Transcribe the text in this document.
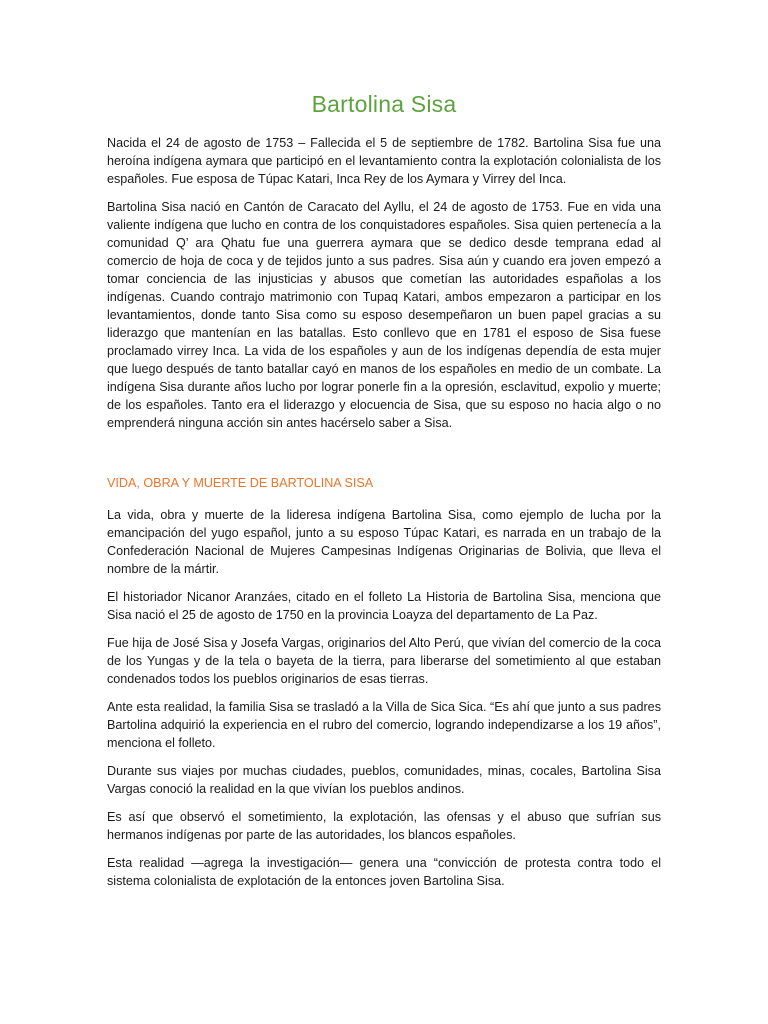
Bartolina Sisa

Nacida el 24 de agosto de 1753 – Fallecida el 5 de septiembre de 1782. Bartolina Sisa fue una heroína indígena aymara que participó en el levantamiento contra la explotación colonialista de los españoles. Fue esposa de Túpac Katari, Inca Rey de los Aymara y Virrey del Inca.

Bartolina Sisa nació en Cantón de Caracato del Ayllu, el 24 de agosto de 1753. Fue en vida una valiente indígena que lucho en contra de los conquistadores españoles. Sisa quien pertenecía a la comunidad Q’ ara Qhatu fue una guerrera aymara que se dedico desde temprana edad al comercio de hoja de coca y de tejidos junto a sus padres. Sisa aún y cuando era joven empezó a tomar conciencia de las injusticias y abusos que cometían las autoridades españolas a los indígenas. Cuando contrajo matrimonio con Tupaq Katari, ambos empezaron a participar en los levantamientos, donde tanto Sisa como su esposo desempeñaron un buen papel gracias a su liderazgo que mantenían en las batallas. Esto conllevo que en 1781 el esposo de Sisa fuese proclamado virrey Inca. La vida de los españoles y aun de los indígenas dependía de esta mujer que luego después de tanto batallar cayó en manos de los españoles en medio de un combate. La indígena Sisa durante años lucho por lograr ponerle fin a la opresión, esclavitud, expolio y muerte; de los españoles. Tanto era el liderazgo y elocuencia de Sisa, que su esposo no hacia algo o no emprenderá ninguna acción sin antes hacérselo saber a Sisa.

VIDA, OBRA Y MUERTE DE BARTOLINA SISA

La vida, obra y muerte de la lideresa indígena Bartolina Sisa, como ejemplo de lucha por la emancipación del yugo español, junto a su esposo Túpac Katari, es narrada en un trabajo de la Confederación Nacional de Mujeres Campesinas Indígenas Originarias de Bolivia, que lleva el nombre de la mártir.

El historiador Nicanor Aranzáes, citado en el folleto La Historia de Bartolina Sisa, menciona que Sisa nació el 25 de agosto de 1750 en la provincia Loayza del departamento de La Paz.

Fue hija de José Sisa y Josefa Vargas, originarios del Alto Perú, que vivían del comercio de la coca de los Yungas y de la tela o bayeta de la tierra, para liberarse del sometimiento al que estaban condenados todos los pueblos originarios de esas tierras.

Ante esta realidad, la familia Sisa se trasladó a la Villa de Sica Sica. “Es ahí que junto a sus padres Bartolina adquirió la experiencia en el rubro del comercio, logrando independizarse a los 19 años”, menciona el folleto.

Durante sus viajes por muchas ciudades, pueblos, comunidades, minas, cocales, Bartolina Sisa Vargas conoció la realidad en la que vivían los pueblos andinos.

Es así que observó el sometimiento, la explotación, las ofensas y el abuso que sufrían sus hermanos indígenas por parte de las autoridades, los blancos españoles.

Esta realidad —agrega la investigación— genera una “convicción de protesta contra todo el sistema colonialista de explotación de la entonces joven Bartolina Sisa.
